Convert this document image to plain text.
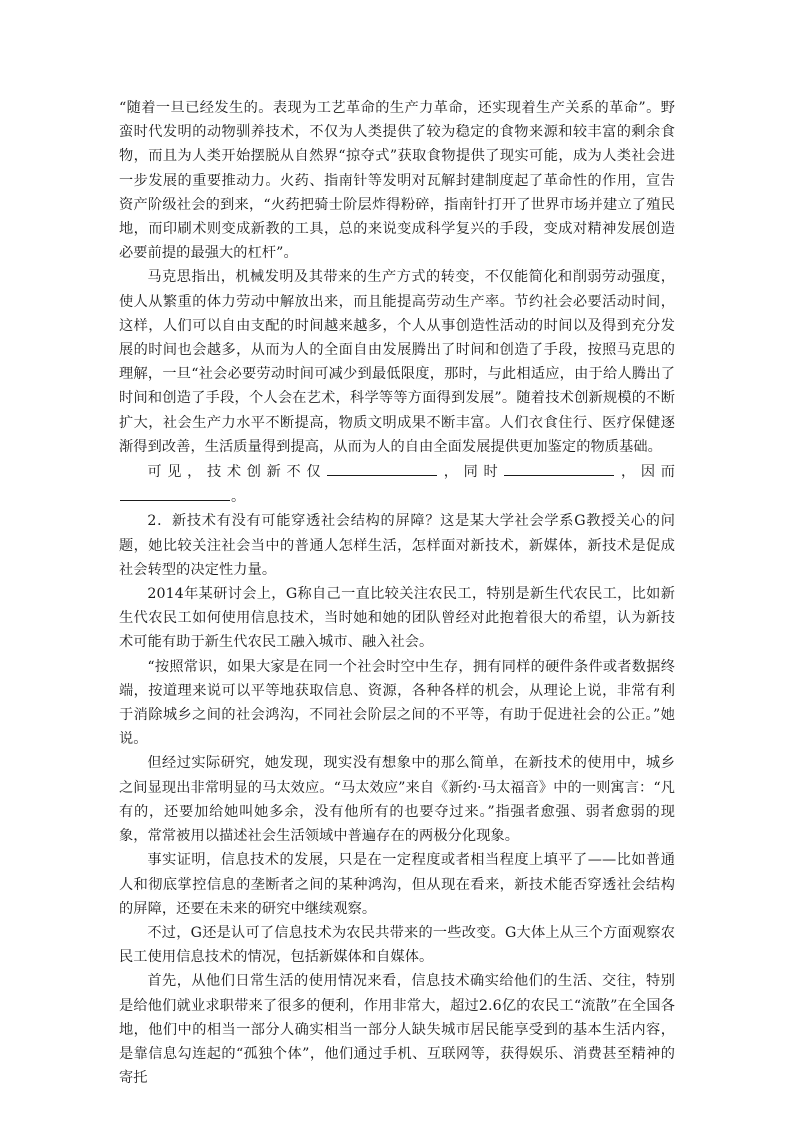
“随着一旦已经发生的。表现为工艺革命的生产力革命，还实现着生产关系的革命”。野蛮时代发明的动物驯养技术，不仅为人类提供了较为稳定的食物来源和较丰富的剩余食物，而且为人类开始摆脱从自然界“掠夺式”获取食物提供了现实可能，成为人类社会进一步发展的重要推动力。火药、指南针等发明对瓦解封建制度起了革命性的作用，宣告资产阶级社会的到来，“火药把骑士阶层炸得粉碎，指南针打开了世界市场并建立了殖民地，而印刷术则变成新教的工具，总的来说变成科学复兴的手段，变成对精神发展创造必要前提的最强大的杠杆”。

马克思指出，机械发明及其带来的生产方式的转变，不仅能简化和削弱劳动强度，使人从繁重的体力劳动中解放出来，而且能提高劳动生产率。节约社会必要活动时间，这样，人们可以自由支配的时间越来越多，个人从事创造性活动的时间以及得到充分发展的时间也会越多，从而为人的全面自由发展腾出了时间和创造了手段，按照马克思的理解，一旦“社会必要劳动时间可减少到最低限度，那时，与此相适应，由于给人腾出了时间和创造了手段，个人会在艺术，科学等等方面得到发展”。随着技术创新规模的不断扩大，社会生产力水平不断提高，物质文明成果不断丰富。人们衣食住行、医疗保健逐渐得到改善，生活质量得到提高，从而为人的自由全面发展提供更加鉴定的物质基础。

可见，技术创新不仅	，同时	，因而。

2．新技术有没有可能穿透社会结构的屏障？这是某大学社会学系G教授关心的问题，她比较关注社会当中的普通人怎样生活，怎样面对新技术，新媒体，新技术是促成社会转型的决定性力量。

2014年某研讨会上，G称自己一直比较关注农民工，特别是新生代农民工，比如新生代农民工如何使用信息技术，当时她和她的团队曾经对此抱着很大的希望，认为新技术可能有助于新生代农民工融入城市、融入社会。

“按照常识，如果大家是在同一个社会时空中生存，拥有同样的硬件条件或者数据终端，按道理来说可以平等地获取信息、资源，各种各样的机会，从理论上说，非常有利于消除城乡之间的社会鸿沟，不同社会阶层之间的不平等，有助于促进社会的公正。”她说。

但经过实际研究，她发现，现实没有想象中的那么简单，在新技术的使用中，城乡之间显现出非常明显的马太效应。“马太效应”来自《新约·马太福音》中的一则寓言：“凡有的，还要加给她叫她多余，没有他所有的也要夺过来。”指强者愈强、弱者愈弱的现象，常常被用以描述社会生活领域中普遍存在的两极分化现象。

事实证明，信息技术的发展，只是在一定程度或者相当程度上填平了——比如普通人和彻底掌控信息的垄断者之间的某种鸿沟，但从现在看来，新技术能否穿透社会结构的屏障，还要在未来的研究中继续观察。

不过，G还是认可了信息技术为农民共带来的一些改变。G大体上从三个方面观察农民工使用信息技术的情况，包括新媒体和自媒体。

首先，从他们日常生活的使用情况来看，信息技术确实给他们的生活、交往，特别是给他们就业求职带来了很多的便利，作用非常大，超过2.6亿的农民工“流散”在全国各地，他们中的相当一部分人确实相当一部分人缺失城市居民能享受到的基本生活内容，是靠信息勾连起的“孤独个体”，他们通过手机、互联网等，获得娱乐、消费甚至精神的寄托
